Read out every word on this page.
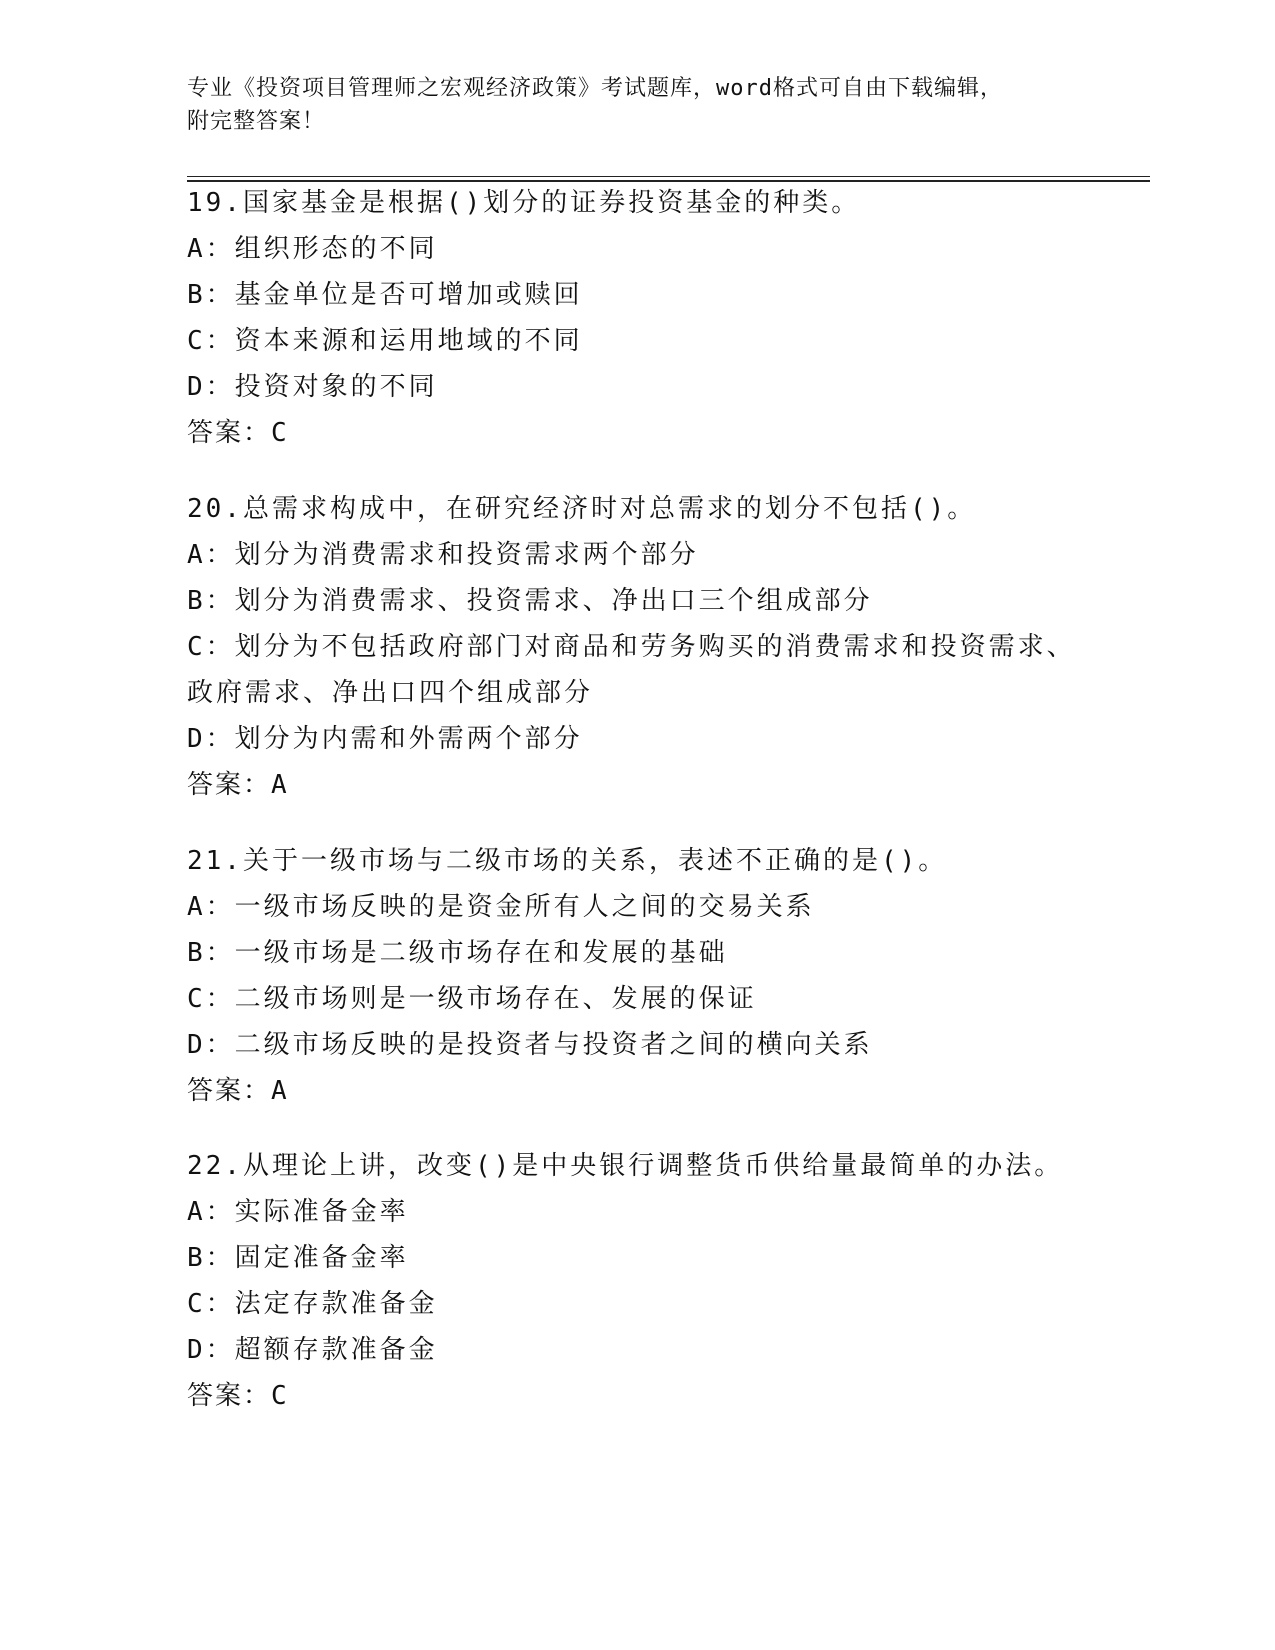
专业《投资项目管理师之宏观经济政策》考试题库，word格式可自由下载编辑，
附完整答案！
19.国家基金是根据()划分的证券投资基金的种类。
A：组织形态的不同
B：基金单位是否可增加或赎回
C：资本来源和运用地域的不同
D：投资对象的不同
答案：C
20.总需求构成中，在研究经济时对总需求的划分不包括()。
A：划分为消费需求和投资需求两个部分
B：划分为消费需求、投资需求、净出口三个组成部分
C：划分为不包括政府部门对商品和劳务购买的消费需求和投资需求、
政府需求、净出口四个组成部分
D：划分为内需和外需两个部分
答案：A
21.关于一级市场与二级市场的关系，表述不正确的是()。
A：一级市场反映的是资金所有人之间的交易关系
B：一级市场是二级市场存在和发展的基础
C：二级市场则是一级市场存在、发展的保证
D：二级市场反映的是投资者与投资者之间的横向关系
答案：A
22.从理论上讲，改变()是中央银行调整货币供给量最简单的办法。
A：实际准备金率
B：固定准备金率
C：法定存款准备金
D：超额存款准备金
答案：C
